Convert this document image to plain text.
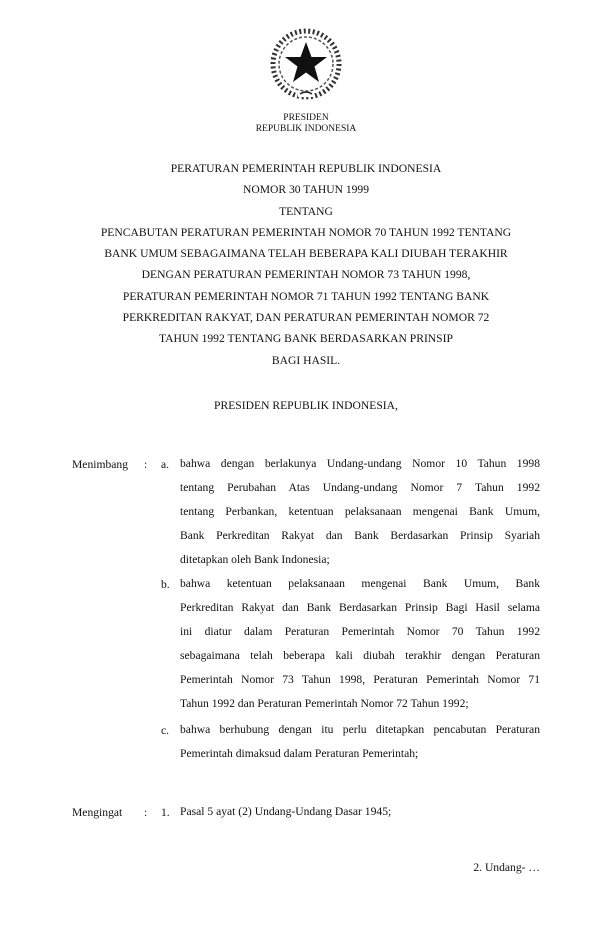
PRESIDEN
REPUBLIK INDONESIA
PERATURAN PEMERINTAH REPUBLIK INDONESIA
NOMOR 30 TAHUN 1999
TENTANG
PENCABUTAN PERATURAN PEMERINTAH NOMOR 70 TAHUN 1992 TENTANG
BANK UMUM SEBAGAIMANA TELAH BEBERAPA KALI DIUBAH TERAKHIR
DENGAN PERATURAN PEMERINTAH NOMOR 73 TAHUN 1998,
PERATURAN PEMERINTAH NOMOR 71 TAHUN 1992 TENTANG BANK
PERKREDITAN RAKYAT, DAN PERATURAN PEMERINTAH NOMOR 72
TAHUN 1992 TENTANG BANK BERDASARKAN PRINSIP
BAGI HASIL.
PRESIDEN REPUBLIK INDONESIA,
Menimbang : a. bahwa dengan berlakunya Undang-undang Nomor 10 Tahun 1998
tentang Perubahan Atas Undang-undang Nomor 7 Tahun 1992
tentang Perbankan, ketentuan pelaksanaan mengenai Bank Umum,
Bank Perkreditan Rakyat dan Bank Berdasarkan Prinsip Syariah
ditetapkan oleh Bank Indonesia;
b. bahwa ketentuan pelaksanaan mengenai Bank Umum, Bank
Perkreditan Rakyat dan Bank Berdasarkan Prinsip Bagi Hasil selama
ini diatur dalam Peraturan Pemerintah Nomor 70 Tahun 1992
sebagaimana telah beberapa kali diubah terakhir dengan Peraturan
Pemerintah Nomor 73 Tahun 1998, Peraturan Pemerintah Nomor 71
Tahun 1992 dan Peraturan Pemerintah Nomor 72 Tahun 1992;
c. bahwa berhubung dengan itu perlu ditetapkan pencabutan Peraturan
Pemerintah dimaksud dalam Peraturan Pemerintah;
Mengingat : 1. Pasal 5 ayat (2) Undang-Undang Dasar 1945;
2. Undang- …
